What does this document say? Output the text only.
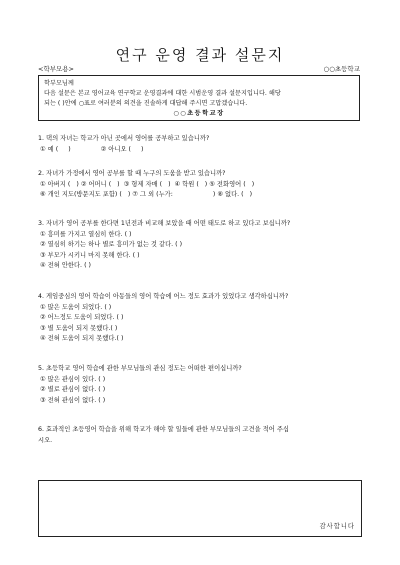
연구 운영 결과 설문지
<학부모용>	○○초등학교
학부모님께
다음 설문은 본교 영어교육 연구학교 운영결과에 대한 시범운영 결과 설문지입니다. 해당
되는 ( )안에 ○표로 여러분의 의견을 진솔하게 대답해 주시면 고맙겠습니다.
○○초등학교장
1. 댁의 자녀는 학교가 아닌 곳에서 영어를 공부하고 있습니까?
① 예 (     )	② 아니오 (     )
2. 자녀가 가정에서 영어 공부를 할 때 누구의 도움을 받고 있습니까?
① 아버지 (   ) ② 어머니 (   )  ③ 형제 자매 (   )  ④ 학원 (   ) ⑤ 전화영어 (   )
⑥ 개인 지도(방문지도 포함) (   ) ⑦ 그 외 (누가:                    ) ⑧ 없다. (   )
3. 자녀가 영어 공부를 한다면 1년전과 비교해 보았을 때 어떤 태도로 하고 있다고 보십니까?
① 흥미를 가지고 열심히 한다. ( )
② 열심히 하기는 하나 별로 흥미가 없는 것 같다. ( )
③ 부모가 시키니 마지 못해 한다. ( )
④ 전혀 안한다. ( )
4. 게임중심의 영어 학습이 아동들의 영어 학습에 어느 정도 효과가 있었다고 생각하십니까?
① 많은 도움이 되었다. ( )
② 어느정도 도움이 되었다. ( )
③ 별 도움이 되지 못했다.( )
④ 전혀 도움이 되지 못했다.( )
5. 초등학교 영어 학습에 관한 부모님들의 관심 정도는 어떠한 편이십니까?
① 많은 관심이 있다. ( )
② 별로 관심이 없다. ( )
③ 전혀 관심이 없다. ( )
6. 효과적인 초등영어 학습을 위해 학교가 해야 할 일들에 관한 부모님들의 고견을 적어 주십
시오.
감사합니다
